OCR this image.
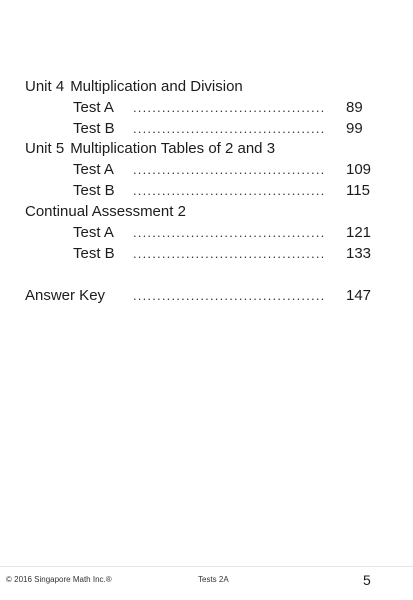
Unit 4 Multiplication and Division
Test A ........................................	89
Test B ........................................	99
Unit 5 Multiplication Tables of 2 and 3
Test A ........................................	109
Test B ........................................	115
Continual Assessment 2
Test A ........................................	121
Test B ........................................	133
Answer Key ........................................	147
© 2016 Singapore Math Inc.®	Tests 2A	5
